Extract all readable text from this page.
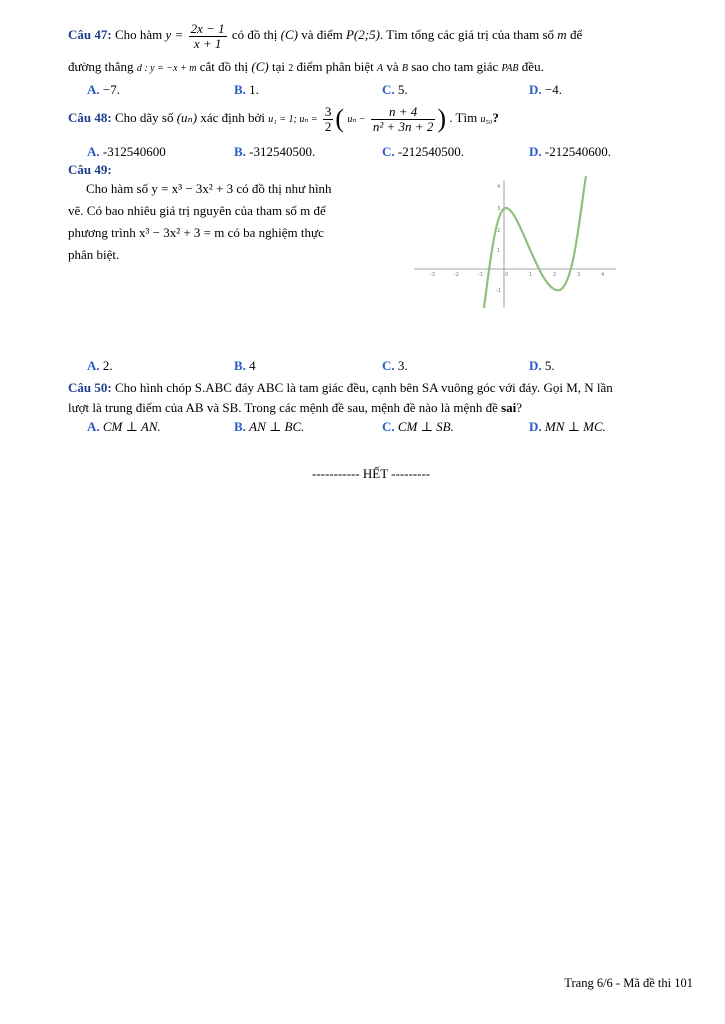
Câu 47: Cho hàm $y = \frac{2x - 1}{x + 1}$ có đồ thị (C) và điểm P(2;5). Tìm tổng các giá trị của tham số m để
đường thẳng d : y = −x + m cắt đồ thị (C) tại 2 điểm phân biệt A và B sao cho tam giác PAB đều.
A. −7.	B. 1.	C. 5.	D. −4.
Câu 48: Cho dãy số (uₙ) xác định bởi u₁ = 1; $u_n = \frac{3}{2}$ ( $u_n - \frac{n + 4}{\text{n² + 3n + 2}}$ ) . Tìm u₅₀?
A. -312540600	B. -312540500.	C. -212540500.	D. -212540600.
Câu 49:
Cho hàm số y = x³ − 3x² + 3 có đồ thị như hình
vẽ. Có bao nhiêu giá trị nguyên của tham số m để
phương trình x³ − 3x² + 3 = m có ba nghiệm thực
phân biệt.
-3	-2	-1	0	1	2	3	4
4
3
2
1
-1
A. 2.	B. 4	C. 3.	D. 5.
Câu 50: Cho hình chóp S.ABC đáy ABC là tam giác đều, cạnh bên SA vuông góc với đáy. Gọi M, N lần
lượt là trung điểm của AB và SB. Trong các mệnh đề sau, mệnh đề nào là mệnh đề sai?
A. CM ⊥ AN.	B. AN ⊥ BC.	C. CM ⊥ SB.	D. MN ⊥ MC.
----------- HẾT ---------
Trang 6/6 - Mã đề thi 101
